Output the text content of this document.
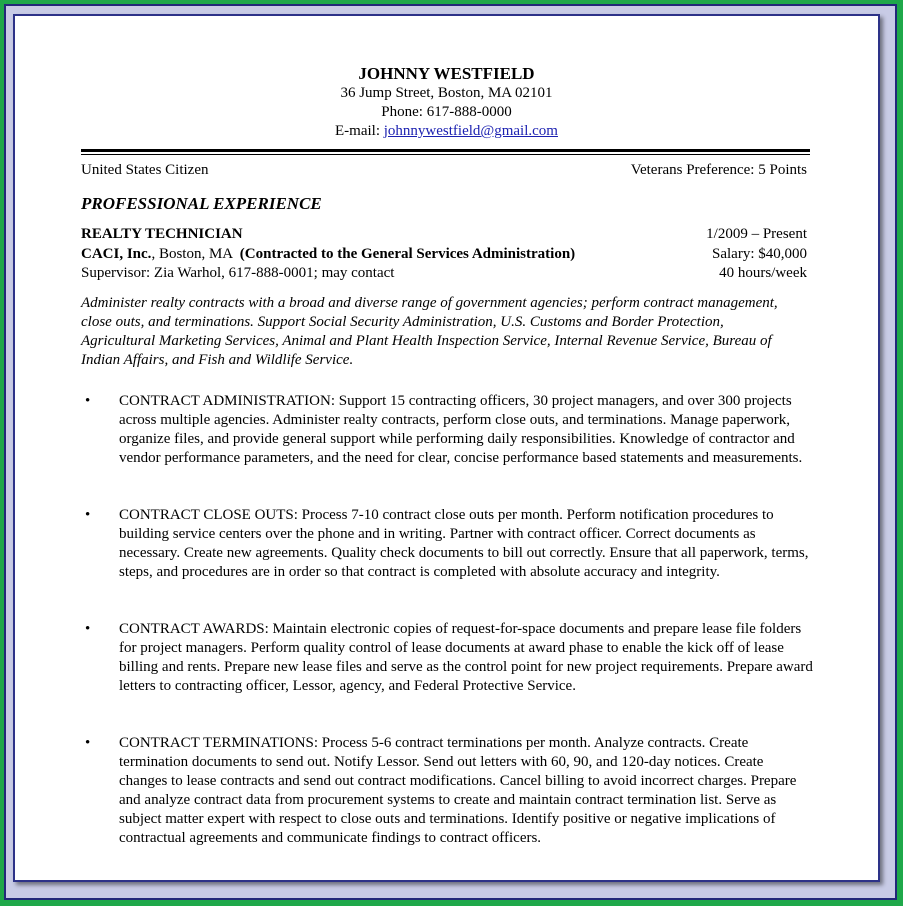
JOHNNY WESTFIELD
36 Jump Street, Boston, MA 02101
Phone: 617-888-0000
E-mail: johnnywestfield@gmail.com
United States Citizen	Veterans Preference: 5 Points
PROFESSIONAL EXPERIENCE
REALTY TECHNICIAN	1/2009 – Present
CACI, Inc., Boston, MA  (Contracted to the General Services Administration)	Salary: $40,000
Supervisor: Zia Warhol, 617-888-0001; may contact	40 hours/week
Administer realty contracts with a broad and diverse range of government agencies; perform contract management, close outs, and terminations. Support Social Security Administration, U.S. Customs and Border Protection, Agricultural Marketing Services, Animal and Plant Health Inspection Service, Internal Revenue Service, Bureau of Indian Affairs, and Fish and Wildlife Service.
• CONTRACT ADMINISTRATION: Support 15 contracting officers, 30 project managers, and over 300 projects across multiple agencies. Administer realty contracts, perform close outs, and terminations. Manage paperwork, organize files, and provide general support while performing daily responsibilities. Knowledge of contractor and vendor performance parameters, and the need for clear, concise performance based statements and measurements.
• CONTRACT CLOSE OUTS: Process 7-10 contract close outs per month. Perform notification procedures to building service centers over the phone and in writing. Partner with contract officer. Correct documents as necessary. Create new agreements. Quality check documents to bill out correctly. Ensure that all paperwork, terms, steps, and procedures are in order so that contract is completed with absolute accuracy and integrity.
• CONTRACT AWARDS: Maintain electronic copies of request-for-space documents and prepare lease file folders for project managers. Perform quality control of lease documents at award phase to enable the kick off of lease billing and rents. Prepare new lease files and serve as the control point for new project requirements. Prepare award letters to contracting officer, Lessor, agency, and Federal Protective Service.
• CONTRACT TERMINATIONS: Process 5-6 contract terminations per month. Analyze contracts. Create termination documents to send out. Notify Lessor. Send out letters with 60, 90, and 120-day notices. Create changes to lease contracts and send out contract modifications. Cancel billing to avoid incorrect charges. Prepare and analyze contract data from procurement systems to create and maintain contract termination list. Serve as subject matter expert with respect to close outs and terminations. Identify positive or negative implications of contractual agreements and communicate findings to contract officers.
